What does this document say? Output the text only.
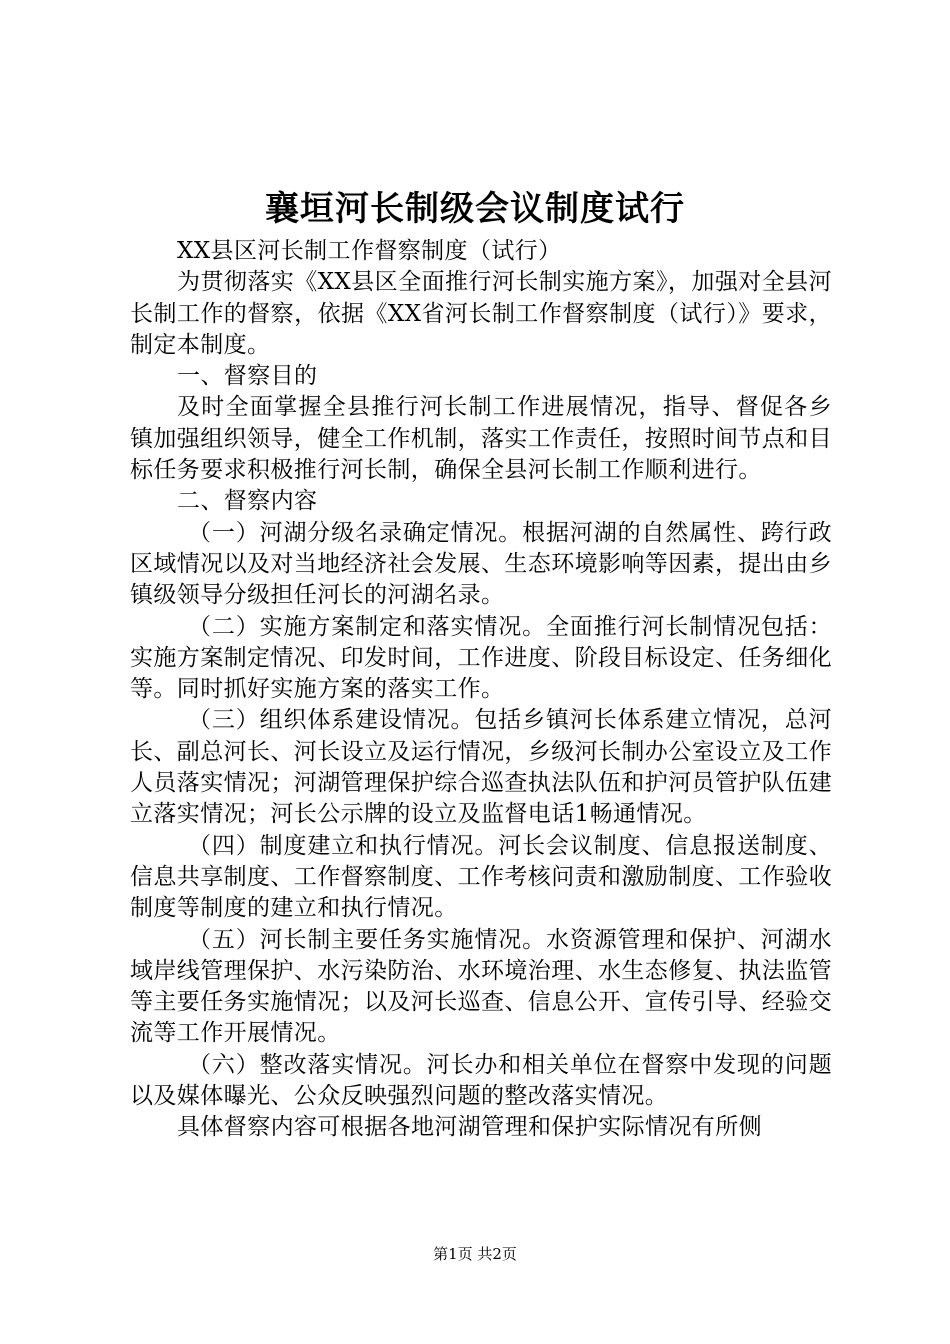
襄垣河长制级会议制度试行

XX县区河长制工作督察制度（试行）

为贯彻落实《XX县区全面推行河长制实施方案》，加强对全县河长制工作的督察，依据《XX省河长制工作督察制度（试行）》要求，制定本制度。

一、督察目的

及时全面掌握全县推行河长制工作进展情况，指导、督促各乡镇加强组织领导，健全工作机制，落实工作责任，按照时间节点和目标任务要求积极推行河长制，确保全县河长制工作顺利进行。

二、督察内容

（一）河湖分级名录确定情况。根据河湖的自然属性、跨行政区域情况以及对当地经济社会发展、生态环境影响等因素，提出由乡镇级领导分级担任河长的河湖名录。

（二）实施方案制定和落实情况。全面推行河长制情况包括：实施方案制定情况、印发时间，工作进度、阶段目标设定、任务细化等。同时抓好实施方案的落实工作。

（三）组织体系建设情况。包括乡镇河长体系建立情况，总河长、副总河长、河长设立及运行情况，乡级河长制办公室设立及工作人员落实情况；河湖管理保护综合巡查执法队伍和护河员管护队伍建立落实情况；河长公示牌的设立及监督电话1畅通情况。

（四）制度建立和执行情况。河长会议制度、信息报送制度、信息共享制度、工作督察制度、工作考核问责和激励制度、工作验收制度等制度的建立和执行情况。

（五）河长制主要任务实施情况。水资源管理和保护、河湖水域岸线管理保护、水污染防治、水环境治理、水生态修复、执法监管等主要任务实施情况；以及河长巡查、信息公开、宣传引导、经验交流等工作开展情况。

（六）整改落实情况。河长办和相关单位在督察中发现的问题以及媒体曝光、公众反映强烈问题的整改落实情况。

具体督察内容可根据各地河湖管理和保护实际情况有所侧

第1页 共2页
